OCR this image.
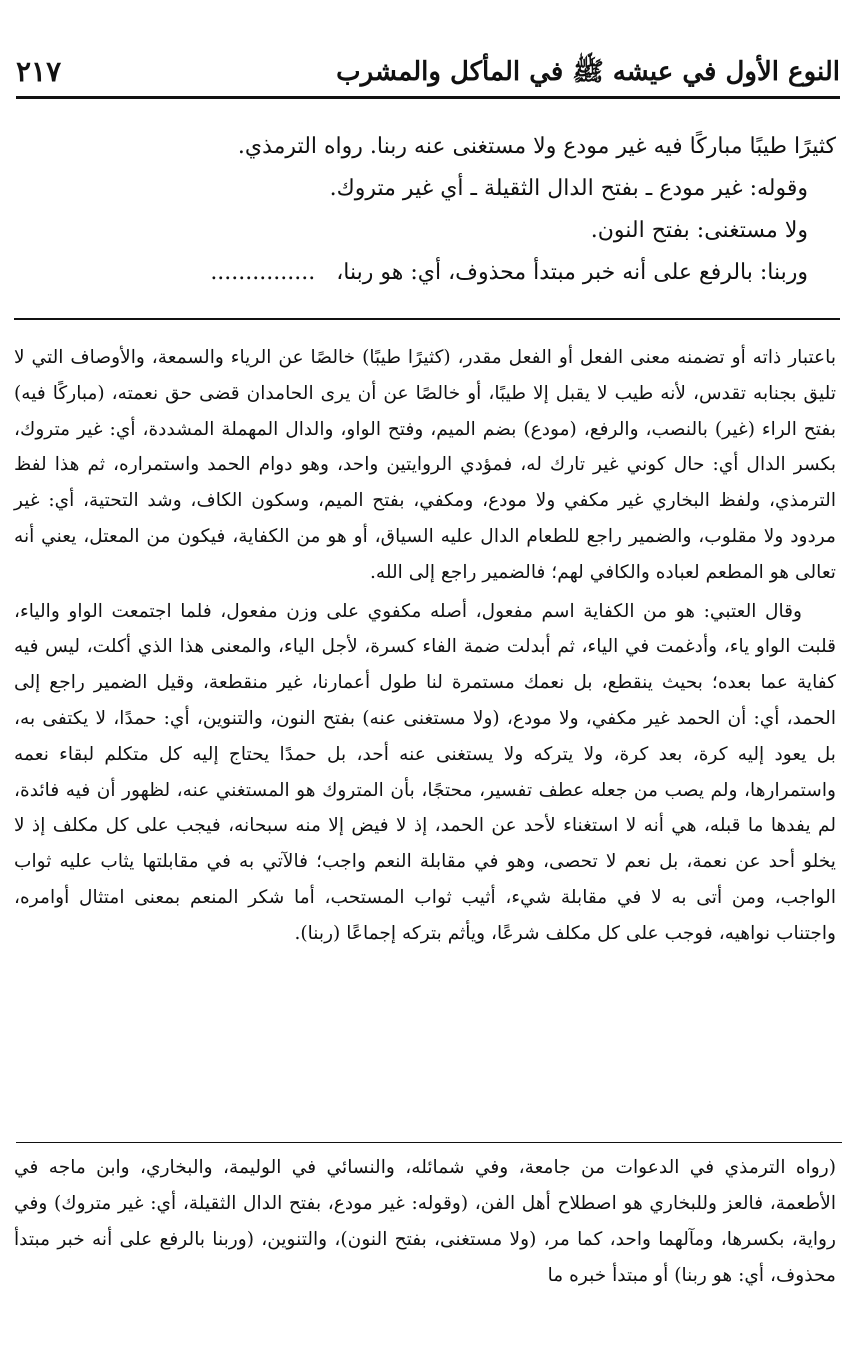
النوع الأول في عيشه ﷺ في المأكل والمشرب
٢١٧

كثيرًا طيبًا مباركًا فيه غير مودع ولا مستغنى عنه ربنا. رواه الترمذي.

وقوله: غير مودع ـ بفتح الدال الثقيلة ـ أي غير متروك.

ولا مستغنى: بفتح النون.

وربنا: بالرفع على أنه خبر مبتدأ محذوف، أي: هو ربنا،   ...............

باعتبار ذاته أو تضمنه معنى الفعل أو الفعل مقدر، (كثيرًا طيبًا) خالصًا عن الرياء والسمعة، والأوصاف التي لا تليق بجنابه تقدس، لأنه طيب لا يقبل إلا طيبًا، أو خالصًا عن أن يرى الحامدان قضى حق نعمته، (مباركًا فيه) بفتح الراء (غير) بالنصب، والرفع، (مودع) بضم الميم، وفتح الواو، والدال المهملة المشددة، أي: غير متروك، بكسر الدال أي: حال كوني غير تارك له، فمؤدي الروايتين واحد، وهو دوام الحمد واستمراره، ثم هذا لفظ الترمذي، ولفظ البخاري غير مكفي ولا مودع، ومكفي، بفتح الميم، وسكون الكاف، وشد التحتية، أي: غير مردود ولا مقلوب، والضمير راجع للطعام الدال عليه السياق، أو هو من الكفاية، فيكون من المعتل، يعني أنه تعالى هو المطعم لعباده والكافي لهم؛ فالضمير راجع إلى الله.

وقال العتبي: هو من الكفاية اسم مفعول، أصله مكفوي على وزن مفعول، فلما اجتمعت الواو والياء، قلبت الواو ياء، وأدغمت في الياء، ثم أبدلت ضمة الفاء كسرة، لأجل الياء، والمعنى هذا الذي أكلت، ليس فيه كفاية عما بعده؛ بحيث ينقطع، بل نعمك مستمرة لنا طول أعمارنا، غير منقطعة، وقيل الضمير راجع إلى الحمد، أي: أن الحمد غير مكفي، ولا مودع، (ولا مستغنى عنه) بفتح النون، والتنوين، أي: حمدًا، لا يكتفى به، بل يعود إليه كرة، بعد كرة، ولا يتركه ولا يستغنى عنه أحد، بل حمدًا يحتاج إليه كل متكلم لبقاء نعمه واستمرارها، ولم يصب من جعله عطف تفسير، محتجًا، بأن المتروك هو المستغني عنه، لظهور أن فيه فائدة، لم يفدها ما قبله، هي أنه لا استغناء لأحد عن الحمد، إذ لا فيض إلا منه سبحانه، فيجب على كل مكلف إذ لا يخلو أحد عن نعمة، بل نعم لا تحصى، وهو في مقابلة النعم واجب؛ فالآتي به في مقابلتها يثاب عليه ثواب الواجب، ومن أتى به لا في مقابلة شيء، أثيب ثواب المستحب، أما شكر المنعم بمعنى امتثال أوامره، واجتناب نواهيه، فوجب على كل مكلف شرعًا، ويأثم بتركه إجماعًا (ربنا).

(رواه الترمذي في الدعوات من جامعة، وفي شمائله، والنسائي في الوليمة، والبخاري، وابن ماجه في الأطعمة، فالعز وللبخاري هو اصطلاح أهل الفن، (وقوله: غير مودع، بفتح الدال الثقيلة، أي: غير متروك) وفي رواية، بكسرها، ومآلهما واحد، كما مر، (ولا مستغنى، بفتح النون)، والتنوين، (وربنا بالرفع على أنه خبر مبتدأ محذوف، أي: هو ربنا) أو مبتدأ خبره ما
